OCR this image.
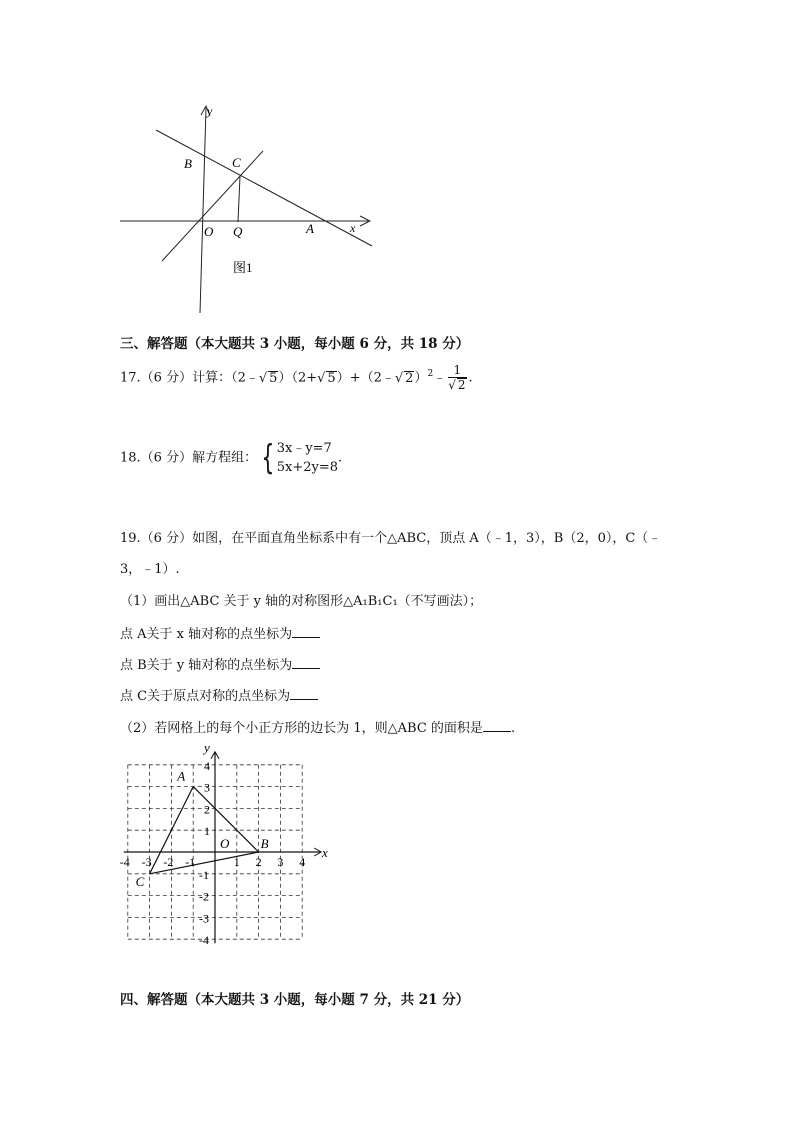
y
x
B	C
O Q	A
图1
三、解答题（本大题共 3 小题，每小题 6 分，共 18 分）
17.（6 分）计算：（2﹣√ 5）（2+√ 5）+（2﹣√ 2）$^2$﹣ $\frac{1}{√ 2}$ .
18.（6 分）解方程组： { 3x﹣y=7
5x+2y=8
.
19.（6 分）如图，在平面直角坐标系中有一个△ABC，顶点 A（﹣1，3），B（2，0），C（﹣
3，﹣1）.
（1）画出△ABC 关于 y 轴的对称图形△A₁B₁C₁（不写画法）；
点 A关于 x 轴对称的点坐标为
点 B关于 y 轴对称的点坐标为
点 C关于原点对称的点坐标为
（2）若网格上的每个小正方形的边长为 1，则△ABC 的面积是 .
-4 -3 -2 -1	1 2 3 4
4
3
2
1
-1
-2
-3
-4
A
B
C
x
y
O
四、解答题（本大题共 3 小题，每小题 7 分，共 21 分）
